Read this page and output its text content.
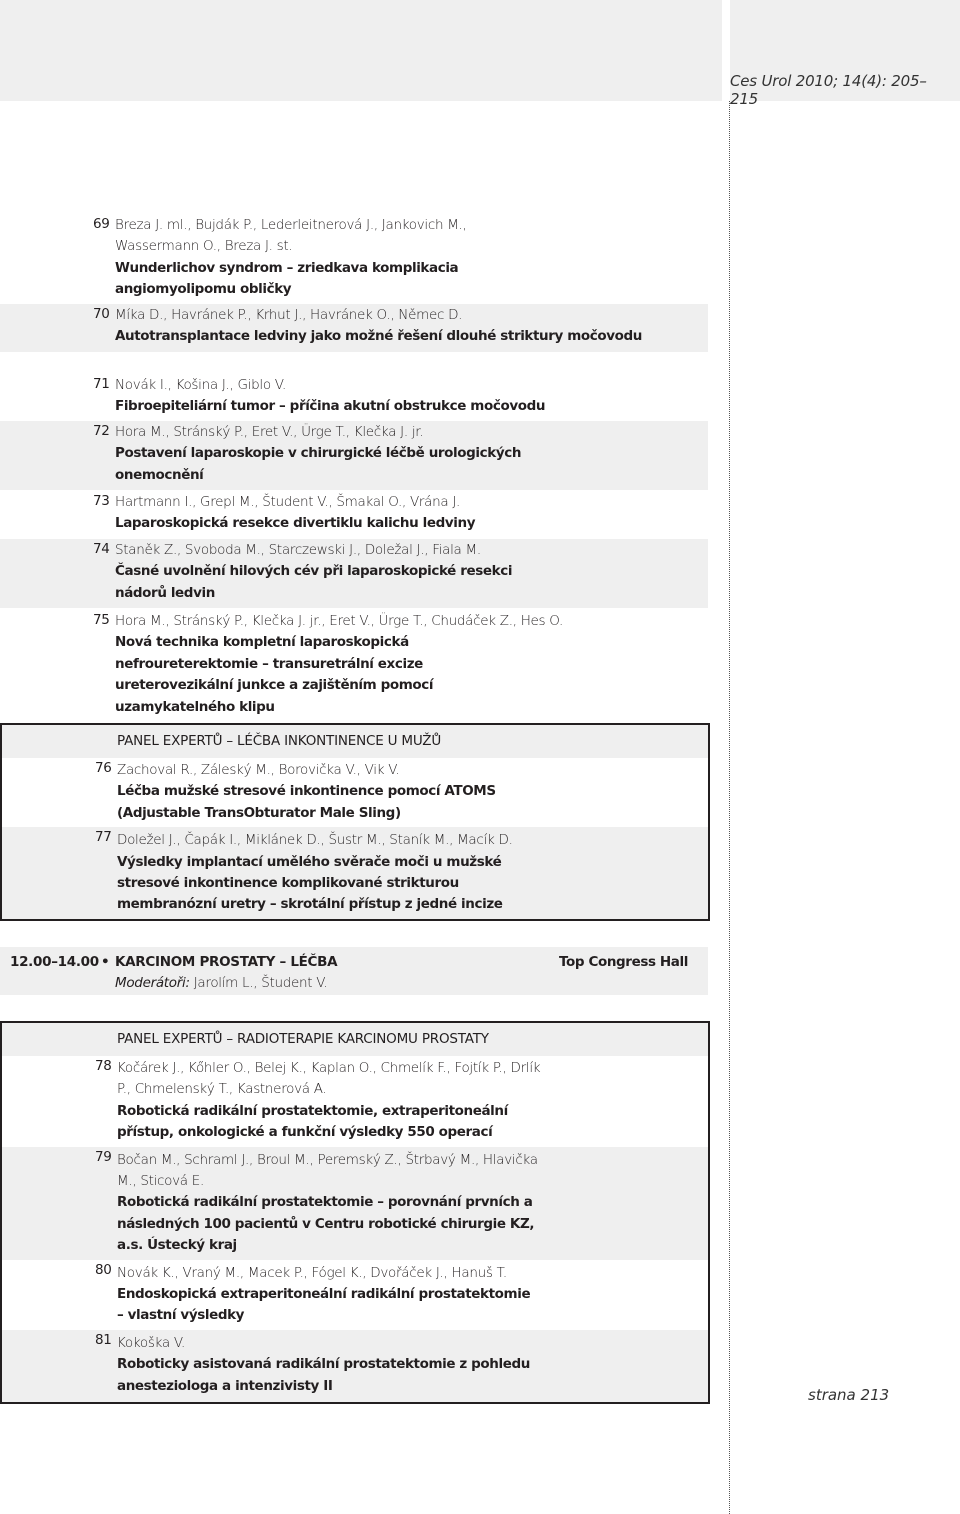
Ces Urol 2010; 14(4): 205–215
69 Breza J. ml., Bujdák P., Lederleitnerová J., Jankovich M., Wassermann O., Breza J. st.
Wunderlichov syndrom – zriedkava komplikacia angiomyolipomu obličky
70 Míka D., Havránek P., Krhut J., Havránek O., Němec D.
Autotransplantace ledviny jako možné řešení dlouhé striktury močovodu
71 Novák I., Košina J., Giblo V.
Fibroepiteliární tumor – příčina akutní obstrukce močovodu
72 Hora M., Stránský P., Eret V., Ürge T., Klečka J. jr.
Postavení laparoskopie v chirurgické léčbě urologických onemocnění
73 Hartmann I., Grepl M., Študent V., Šmakal O., Vrána J.
Laparoskopická resekce divertiklu kalichu ledviny
74 Staněk Z., Svoboda M., Starczewski J., Doležal J., Fiala M.
Časné uvolnění hilových cév při laparoskopické resekci nádorů ledvin
75 Hora M., Stránský P., Klečka J. jr., Eret V., Ürge T., Chudáček Z., Hes O.
Nová technika kompletní laparoskopická nefroureterektomie – transuretrální excize ureterovezikální junkce a zajištěním pomocí uzamykatelného klipu
PANEL EXPERTŮ – LÉČBA INKONTINENCE U MUŽŮ
76 Zachoval R., Záleský M., Borovička V., Vik V.
Léčba mužské stresové inkontinence pomocí ATOMS (Adjustable TransObturator Male Sling)
77 Doležel J., Čapák I., Miklánek D., Šustr M., Staník M., Macík D.
Výsledky implantací umělého svěrače moči u mužské stresové inkontinence komplikované strikturou membranózní uretry – skrotální přístup z jedné incize
12.00–14.00 • KARCINOM PROSTATY – LÉČBA	Top Congress Hall
Moderátoři: Jarolím L., Študent V.
PANEL EXPERTŮ – RADIOTERAPIE KARCINOMU PROSTATY
78 Kočárek J., Kőhler O., Belej K., Kaplan O., Chmelík F., Fojtík P., Drlík P., Chmelenský T., Kastnerová A.
Robotická radikální prostatektomie, extraperitoneální přístup, onkologické a funkční výsledky 550 operací
79 Bočan M., Schraml J., Broul M., Peremský Z., Štrbavý M., Hlavička M., Sticová E.
Robotická radikální prostatektomie – porovnání prvních a následných 100 pacientů v Centru robotické chirurgie KZ, a.s. Ústecký kraj
80 Novák K., Vraný M., Macek P., Fógel K., Dvořáček J., Hanuš T.
Endoskopická extraperitoneální radikální prostatektomie – vlastní výsledky
81 Kokoška V.
Roboticky asistovaná radikální prostatektomie z pohledu anesteziologa a intenzivisty II
strana 213
